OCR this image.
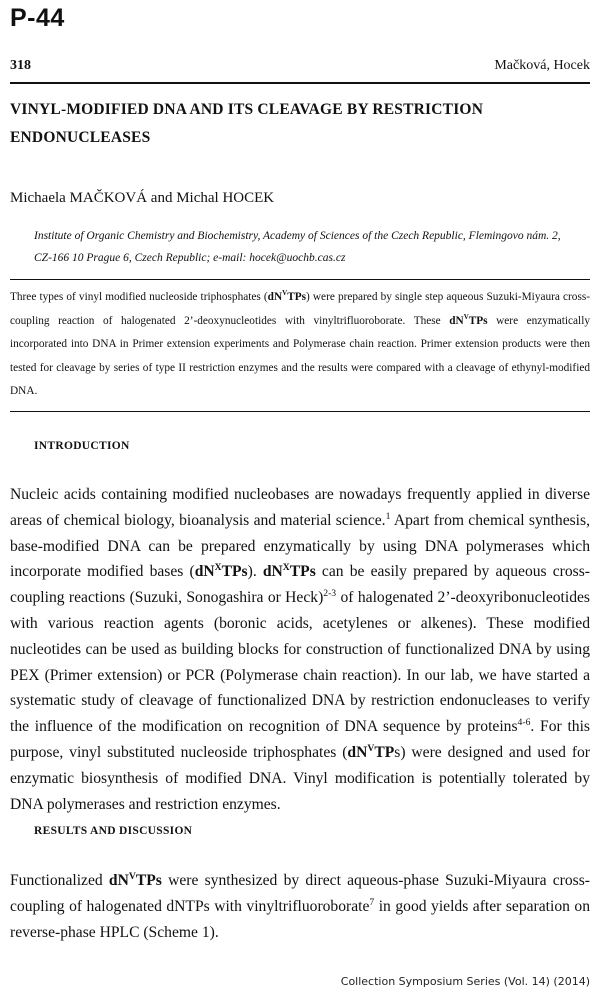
P-44
318	Mačková, Hocek
VINYL-MODIFIED DNA AND ITS CLEAVAGE BY RESTRICTION
ENDONUCLEASES
Michaela MAČKOVÁ and Michal HOCEK
Institute of Organic Chemistry and Biochemistry, Academy of Sciences of the Czech Republic, Flemingovo nám. 2,
CZ-166 10 Prague 6, Czech Republic; e-mail: hocek@uochb.cas.cz
Three types of vinyl modified nucleoside triphosphates $(dN^VTPs)$ were prepared by single step aqueous Suzuki-Miyaura cross-coupling reaction of halogenated 2’-deoxynucleotides with vinyltrifluoroborate. These $dN^VTPs$ were enzymatically incorporated into DNA in Primer extension experiments and Polymerase chain reaction. Primer extension products were then tested for cleavage by series of type II restriction enzymes and the results were compared with a cleavage of ethynyl-modified DNA.
INTRODUCTION
Nucleic acids containing modified nucleobases are nowadays frequently applied in diverse areas of chemical biology, bioanalysis and material science.$^1$ Apart from chemical synthesis, base-modified DNA can be prepared enzymatically by using DNA polymerases which incorporate modified bases $(dN^XTPs)$. $dN^XTPs$ can be easily prepared by aqueous cross-coupling reactions (Suzuki, Sonogashira or Heck)$^{2-3}$ of halogenated 2’-deoxyribonucleotides with various reaction agents (boronic acids, acetylenes or alkenes). These modified nucleotides can be used as building blocks for construction of functionalized DNA by using PEX (Primer extension) or PCR (Polymerase chain reaction). In our lab, we have started a systematic study of cleavage of functionalized DNA by restriction endonucleases to verify the influence of the modification on recognition of DNA sequence by proteins$^{4-6}$. For this purpose, vinyl substituted nucleoside triphosphates $(dN^VTPs)$ were designed and used for enzymatic biosynthesis of modified DNA. Vinyl modification is potentially tolerated by DNA polymerases and restriction enzymes.
RESULTS AND DISCUSSION
Functionalized $dN^VTPs$ were synthesized by direct aqueous-phase Suzuki-Miyaura cross-coupling of halogenated dNTPs with vinyltrifluoroborate$^7$ in good yields after separation on reverse-phase HPLC (Scheme 1).
Collection Symposium Series (Vol. 14) (2014)
